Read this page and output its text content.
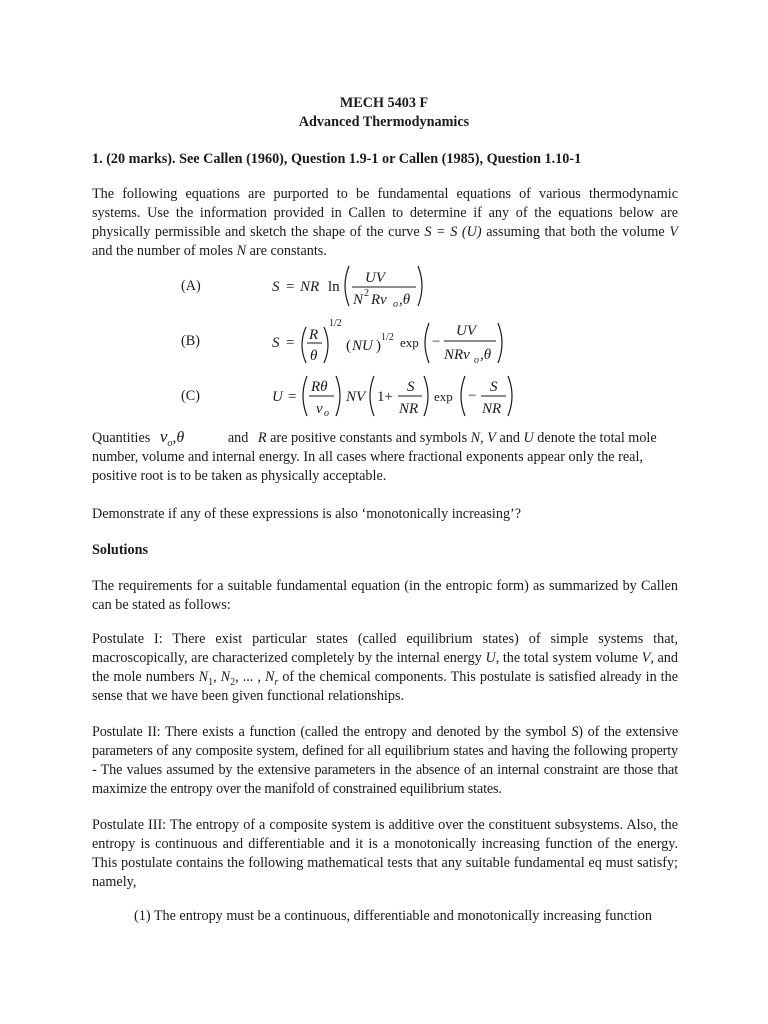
MECH 5403 F
Advanced Thermodynamics
1. (20 marks). See Callen (1960), Question 1.9-1 or Callen (1985), Question 1.10-1
The following equations are purported to be fundamental equations of various thermodynamic systems. Use the information provided in Callen to determine if any of the equations below are physically permissible and sketch the shape of the curve S = S (U) assuming that both the volume V and the number of moles N are constants.
(A)	S = NR ln
UV
N 2 Rv o ,θ
(B)	S = R
θ
1/2
( NU )
1/2 exp −
UV
NRv o ,θ
(C)	U =
Rθ
v o
NV 1+
S
NR
exp −
S
NR
Quantities $v_o,\theta$	and R are positive constants and symbols N, V and U denote the total mole
number, volume and internal energy. In all cases where fractional exponents appear only the real,
positive root is to be taken as physically acceptable.
Demonstrate if any of these expressions is also ‘monotonically increasing’?
Solutions
The requirements for a suitable fundamental equation (in the entropic form) as summarized by Callen can be stated as follows:
Postulate I: There exist particular states (called equilibrium states) of simple systems that, macroscopically, are characterized completely by the internal energy U, the total system volume V, and the mole numbers $N_1$, $N_2$, ... , $N_r$ of the chemical components. This postulate is satisfied already in the sense that we have been given functional relationships.
Postulate II: There exists a function (called the entropy and denoted by the symbol S) of the extensive parameters of any composite system, defined for all equilibrium states and having the following property - The values assumed by the extensive parameters in the absence of an internal constraint are those that maximize the entropy over the manifold of constrained equilibrium states.
Postulate III: The entropy of a composite system is additive over the constituent subsystems. Also, the entropy is continuous and differentiable and it is a monotonically increasing function of the energy. This postulate contains the following mathematical tests that any suitable fundamental eq must satisfy; namely,
(1) The entropy must be a continuous, differentiable and monotonically increasing function
